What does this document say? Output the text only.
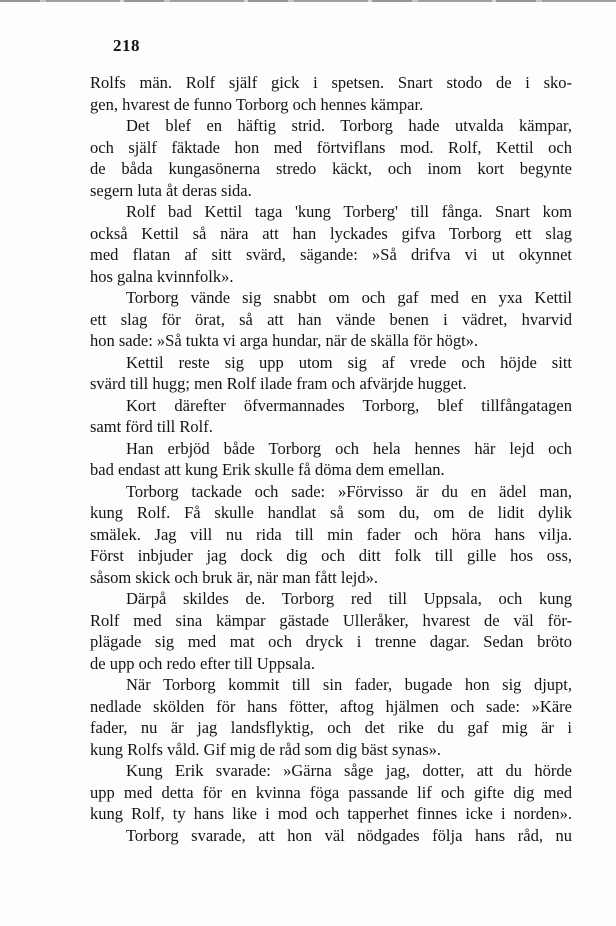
218
Rolfs män. Rolf själf gick i spetsen. Snart stodo de i sko-
gen, hvarest de funno Torborg och hennes kämpar.
Det blef en häftig strid. Torborg hade utvalda kämpar,
och själf fäktade hon med förtviflans mod. Rolf, Kettil och
de båda kungasönerna stredo käckt, och inom kort begynte
segern luta åt deras sida.
Rolf bad Kettil taga 'kung Torberg' till fånga. Snart kom
också Kettil så nära att han lyckades gifva Torborg ett slag
med flatan af sitt svärd, sägande: »Så drifva vi ut okynnet
hos galna kvinnfolk».
Torborg vände sig snabbt om och gaf med en yxa Kettil
ett slag för örat, så att han vände benen i vädret, hvarvid
hon sade: »Så tukta vi arga hundar, när de skälla för högt».
Kettil reste sig upp utom sig af vrede och höjde sitt
svärd till hugg; men Rolf ilade fram och afvärjde hugget.
Kort därefter öfvermannades Torborg, blef tillfångatagen
samt förd till Rolf.
Han erbjöd både Torborg och hela hennes här lejd och
bad endast att kung Erik skulle få döma dem emellan.
Torborg tackade och sade: »Förvisso är du en ädel man,
kung Rolf. Få skulle handlat så som du, om de lidit dylik
smälek. Jag vill nu rida till min fader och höra hans vilja.
Först inbjuder jag dock dig och ditt folk till gille hos oss,
såsom skick och bruk är, när man fått lejd».
Därpå skildes de. Torborg red till Uppsala, och kung
Rolf med sina kämpar gästade Ulleråker, hvarest de väl för-
plägade sig med mat och dryck i trenne dagar. Sedan bröto
de upp och redo efter till Uppsala.
När Torborg kommit till sin fader, bugade hon sig djupt,
nedlade skölden för hans fötter, aftog hjälmen och sade: »Käre
fader, nu är jag landsflyktig, och det rike du gaf mig är i
kung Rolfs våld. Gif mig de råd som dig bäst synas».
Kung Erik svarade: »Gärna såge jag, dotter, att du hörde
upp med detta för en kvinna föga passande lif och gifte dig med
kung Rolf, ty hans like i mod och tapperhet finnes icke i norden».
Torborg svarade, att hon väl nödgades följa hans råd, nu
